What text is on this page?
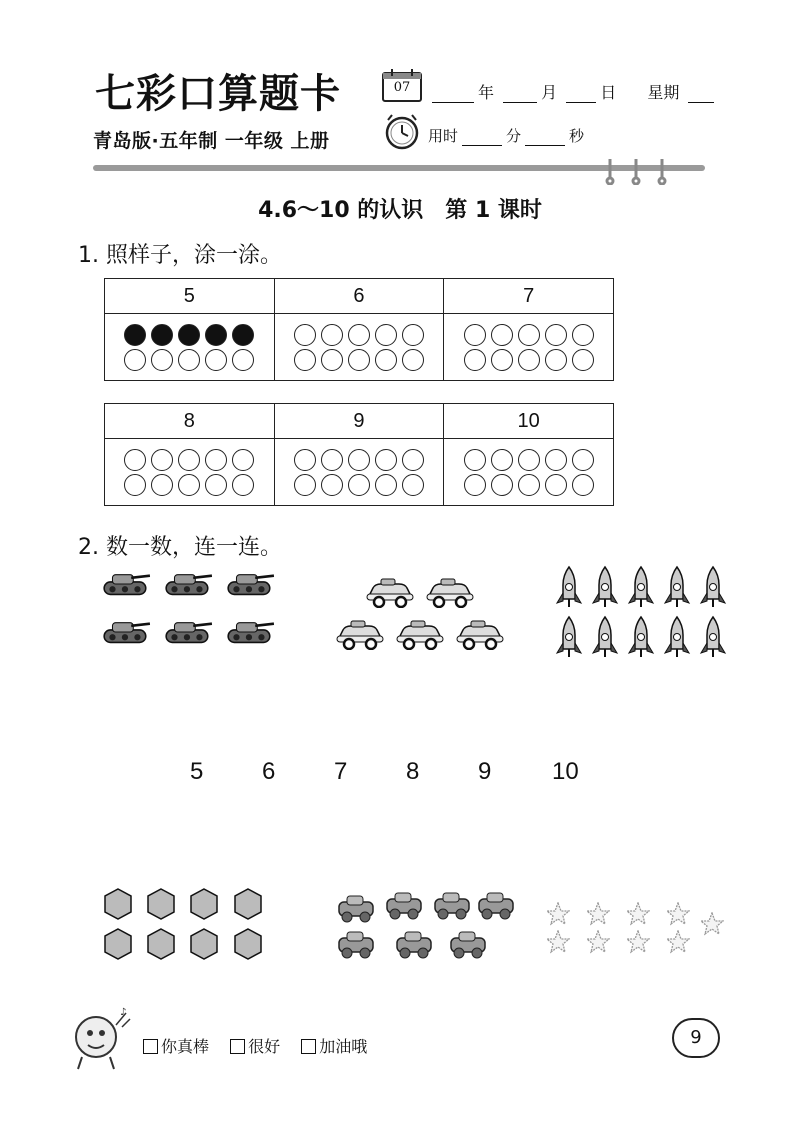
七彩口算题卡	07	年	月	日 星期
青岛版·五年制 一年级 上册	用时	分	秒
4.6～10 的认识　第 1 课时
1. 照样子，涂一涂。
5	6	7

8	9	10

2. 数一数，连一连。
5 6 7 8 9	10
♪
你真棒 很好 加油哦	9
